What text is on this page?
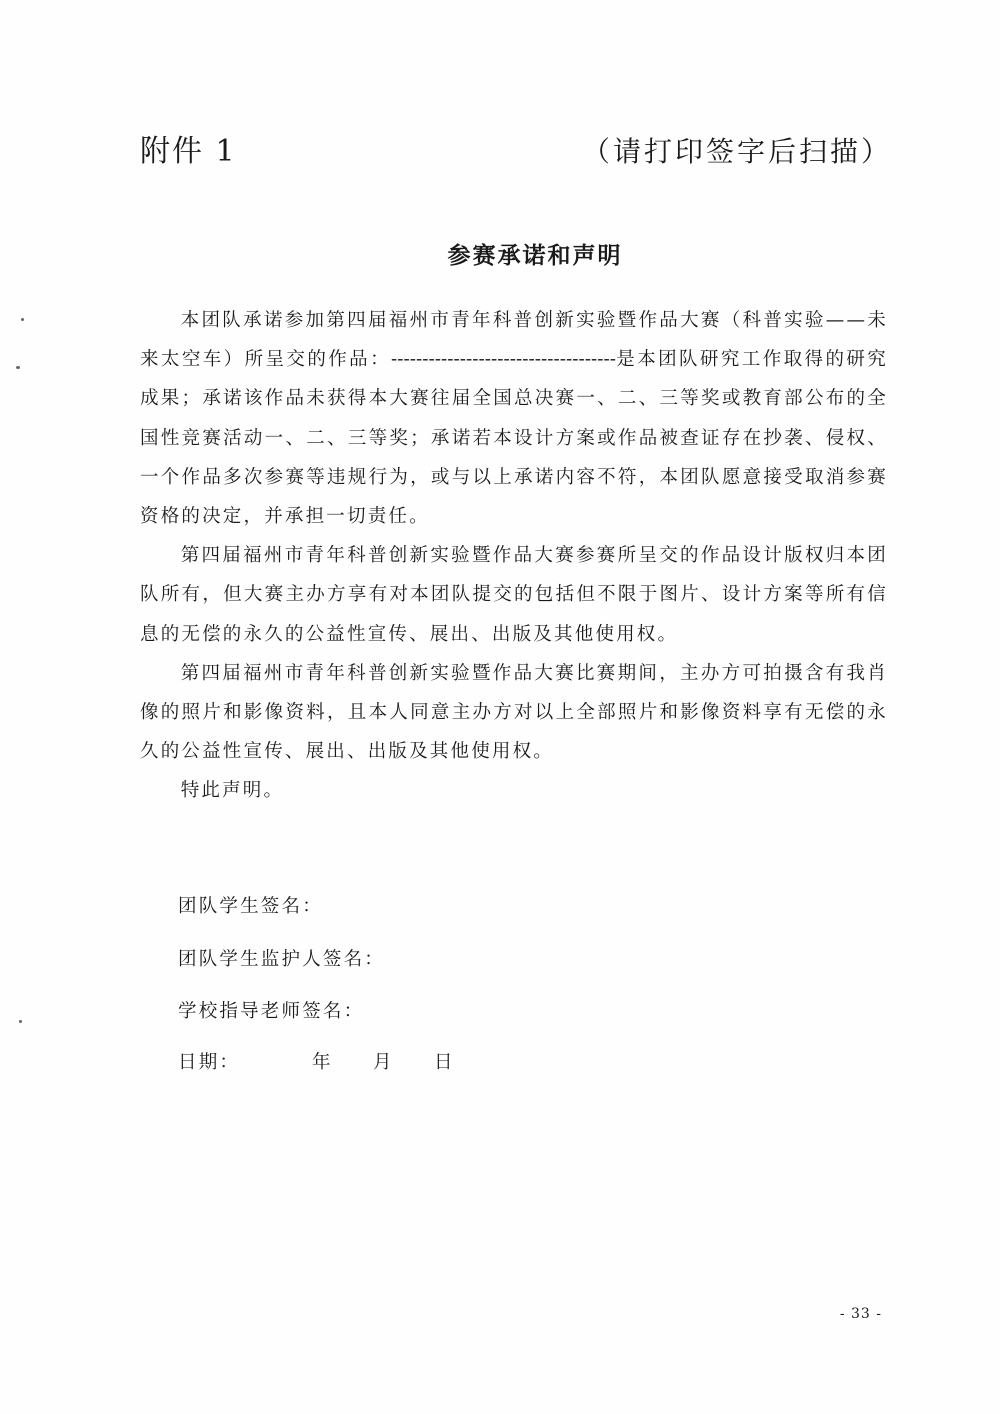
附件 1	（请打印签字后扫描）
参赛承诺和声明

本团队承诺参加第四届福州市青年科普创新实验暨作品大赛（科普实验——未来太空车）所呈交的作品：------------------------------------是本团队研究工作取得的研究成果；承诺该作品未获得本大赛往届全国总决赛一、二、三等奖或教育部公布的全国性竞赛活动一、二、三等奖；承诺若本设计方案或作品被查证存在抄袭、侵权、一个作品多次参赛等违规行为，或与以上承诺内容不符，本团队愿意接受取消参赛资格的决定，并承担一切责任。

第四届福州市青年科普创新实验暨作品大赛参赛所呈交的作品设计版权归本团队所有，但大赛主办方享有对本团队提交的包括但不限于图片、设计方案等所有信息的无偿的永久的公益性宣传、展出、出版及其他使用权。

第四届福州市青年科普创新实验暨作品大赛比赛期间，主办方可拍摄含有我肖像的照片和影像资料，且本人同意主办方对以上全部照片和影像资料享有无偿的永久的公益性宣传、展出、出版及其他使用权。

特此声明。

团队学生签名：
团队学生监护人签名：
学校指导老师签名：
日期：	年 月 日
- 33 -
